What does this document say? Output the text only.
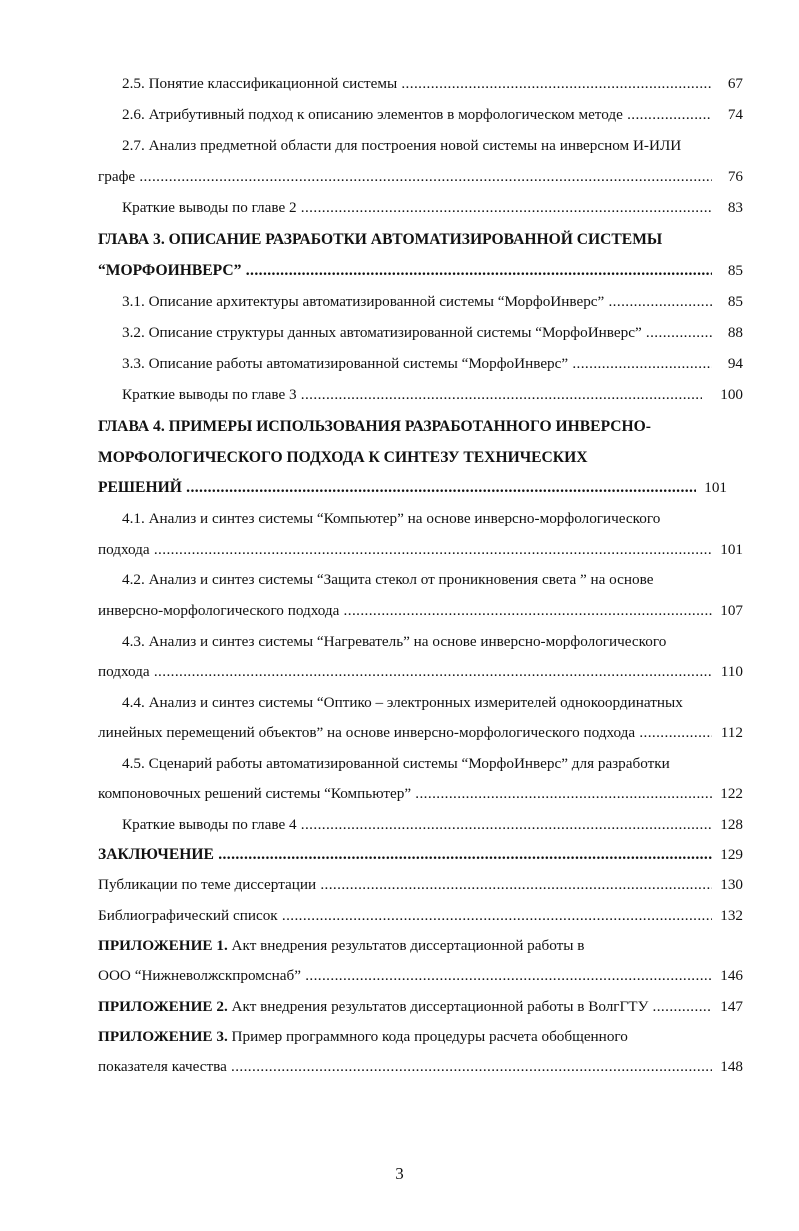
2.5. Понятие классификационной системы .....	67
2.6. Атрибутивный подход к описанию элементов в морфологическом методе .....	74
2.7. Анализ предметной области для построения новой системы на инверсном И-ИЛИ
графе .....	76
Краткие выводы по главе 2 .....	83
ГЛАВА 3. ОПИСАНИЕ РАЗРАБОТКИ АВТОМАТИЗИРОВАННОЙ СИСТЕМЫ
“МОРФОИНВЕРС” .....	85
3.1. Описание архитектуры автоматизированной системы “МорфоИнверс” .....	85
3.2. Описание структуры данных автоматизированной системы “МорфоИнверс” .....	88
3.3. Описание работы автоматизированной системы “МорфоИнверс” .....	94
Краткие выводы по главе 3 .....	100
ГЛАВА 4. ПРИМЕРЫ ИСПОЛЬЗОВАНИЯ РАЗРАБОТАННОГО ИНВЕРСНО-
МОРФОЛОГИЧЕСКОГО ПОДХОДА К СИНТЕЗУ ТЕХНИЧЕСКИХ
РЕШЕНИЙ .....	101
4.1. Анализ и синтез системы “Компьютер” на основе инверсно-морфологического
подхода .....	101
4.2. Анализ и синтез системы “Защита стекол от проникновения света ” на основе
инверсно-морфологического подхода .....	107
4.3. Анализ и синтез системы “Нагреватель” на основе инверсно-морфологического
подхода .....	110
4.4. Анализ и синтез системы “Оптико – электронных измерителей однокоординатных
линейных перемещений объектов” на основе инверсно-морфологического подхода .....	112
4.5. Сценарий работы автоматизированной системы “МорфоИнверс” для разработки
компоновочных решений системы “Компьютер” .....	122
Краткие выводы по главе 4 .....	128
ЗАКЛЮЧЕНИЕ .....	129
Публикации по теме диссертации .....	130
Библиографический список .....	132
ПРИЛОЖЕНИЕ 1. Акт внедрения результатов диссертационной работы в
ООО “Нижневолжскпромснаб” .....	146
ПРИЛОЖЕНИЕ 2. Акт внедрения результатов диссертационной работы в ВолгГТУ .....	147
ПРИЛОЖЕНИЕ 3. Пример программного кода процедуры расчета обобщенного
показателя качества .....	148
3
